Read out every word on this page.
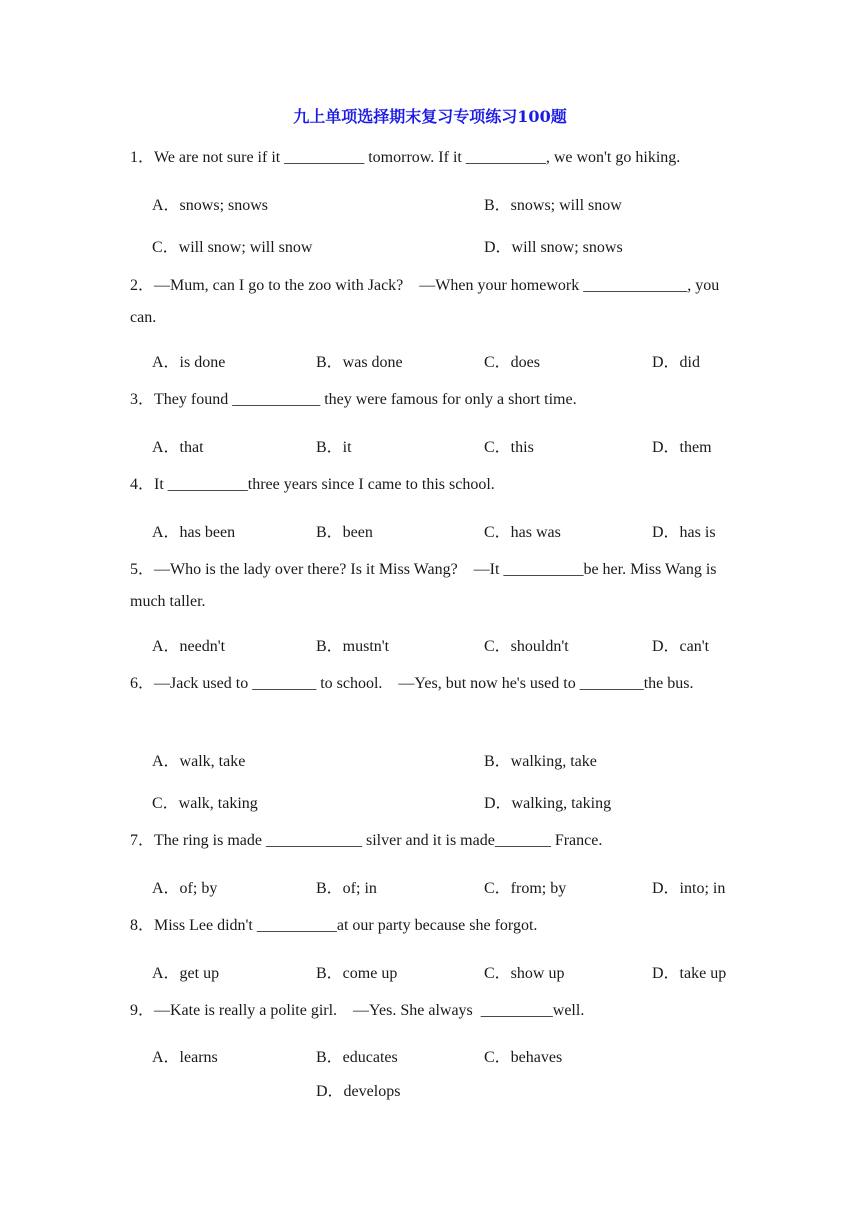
九上单项选择期末复习专项练习100题
1．We are not sure if it __________ tomorrow. If it __________, we won't go hiking.
A．snows; snows	B．snows; will snow
C．will snow; will snow	D．will snow; snows
2．—Mum, can I go to the zoo with Jack?    —When your homework _____________, you can.
A．is done	B．was done	C．does	D．did
3．They found ___________ they were famous for only a short time.
A．that	B．it	C．this	D．them
4．It __________three years since I came to this school.
A．has been	B．been	C．has was	D．has is
5．—Who is the lady over there? Is it Miss Wang?    —It __________be her. Miss Wang is much taller.
A．needn't	B．mustn't	C．shouldn't	D．can't
6．—Jack used to ________ to school.    —Yes, but now he's used to ________the bus.
A．walk, take	B．walking, take
C．walk, taking	D．walking, taking
7．The ring is made ____________ silver and it is made_______ France.
A．of; by	B．of; in	C．from; by	D．into; in
8．Miss Lee didn't __________at our party because she forgot.
A．get up	B．come up	C．show up	D．take up
9．—Kate is really a polite girl.    —Yes. She always  _________well.
A．learns	B．educates	C．behaves
D．develops
